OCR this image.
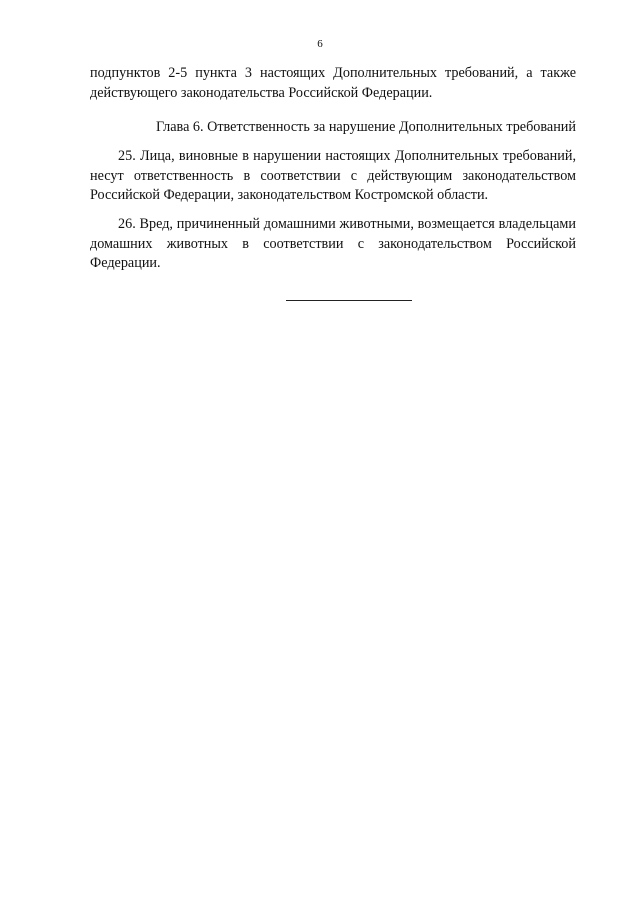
6

подпунктов 2-5 пункта 3 настоящих Дополнительных требований, а также действующего законодательства Российской Федерации.

Глава 6. Ответственность за нарушение Дополнительных требований

25. Лица, виновные в нарушении настоящих Дополнительных требований, несут ответственность в соответствии с действующим законодательством Российской Федерации, законодательством Костромской области.

26. Вред, причиненный домашними животными, возмещается владельцами домашних животных в соответствии с законодательством Российской Федерации.
